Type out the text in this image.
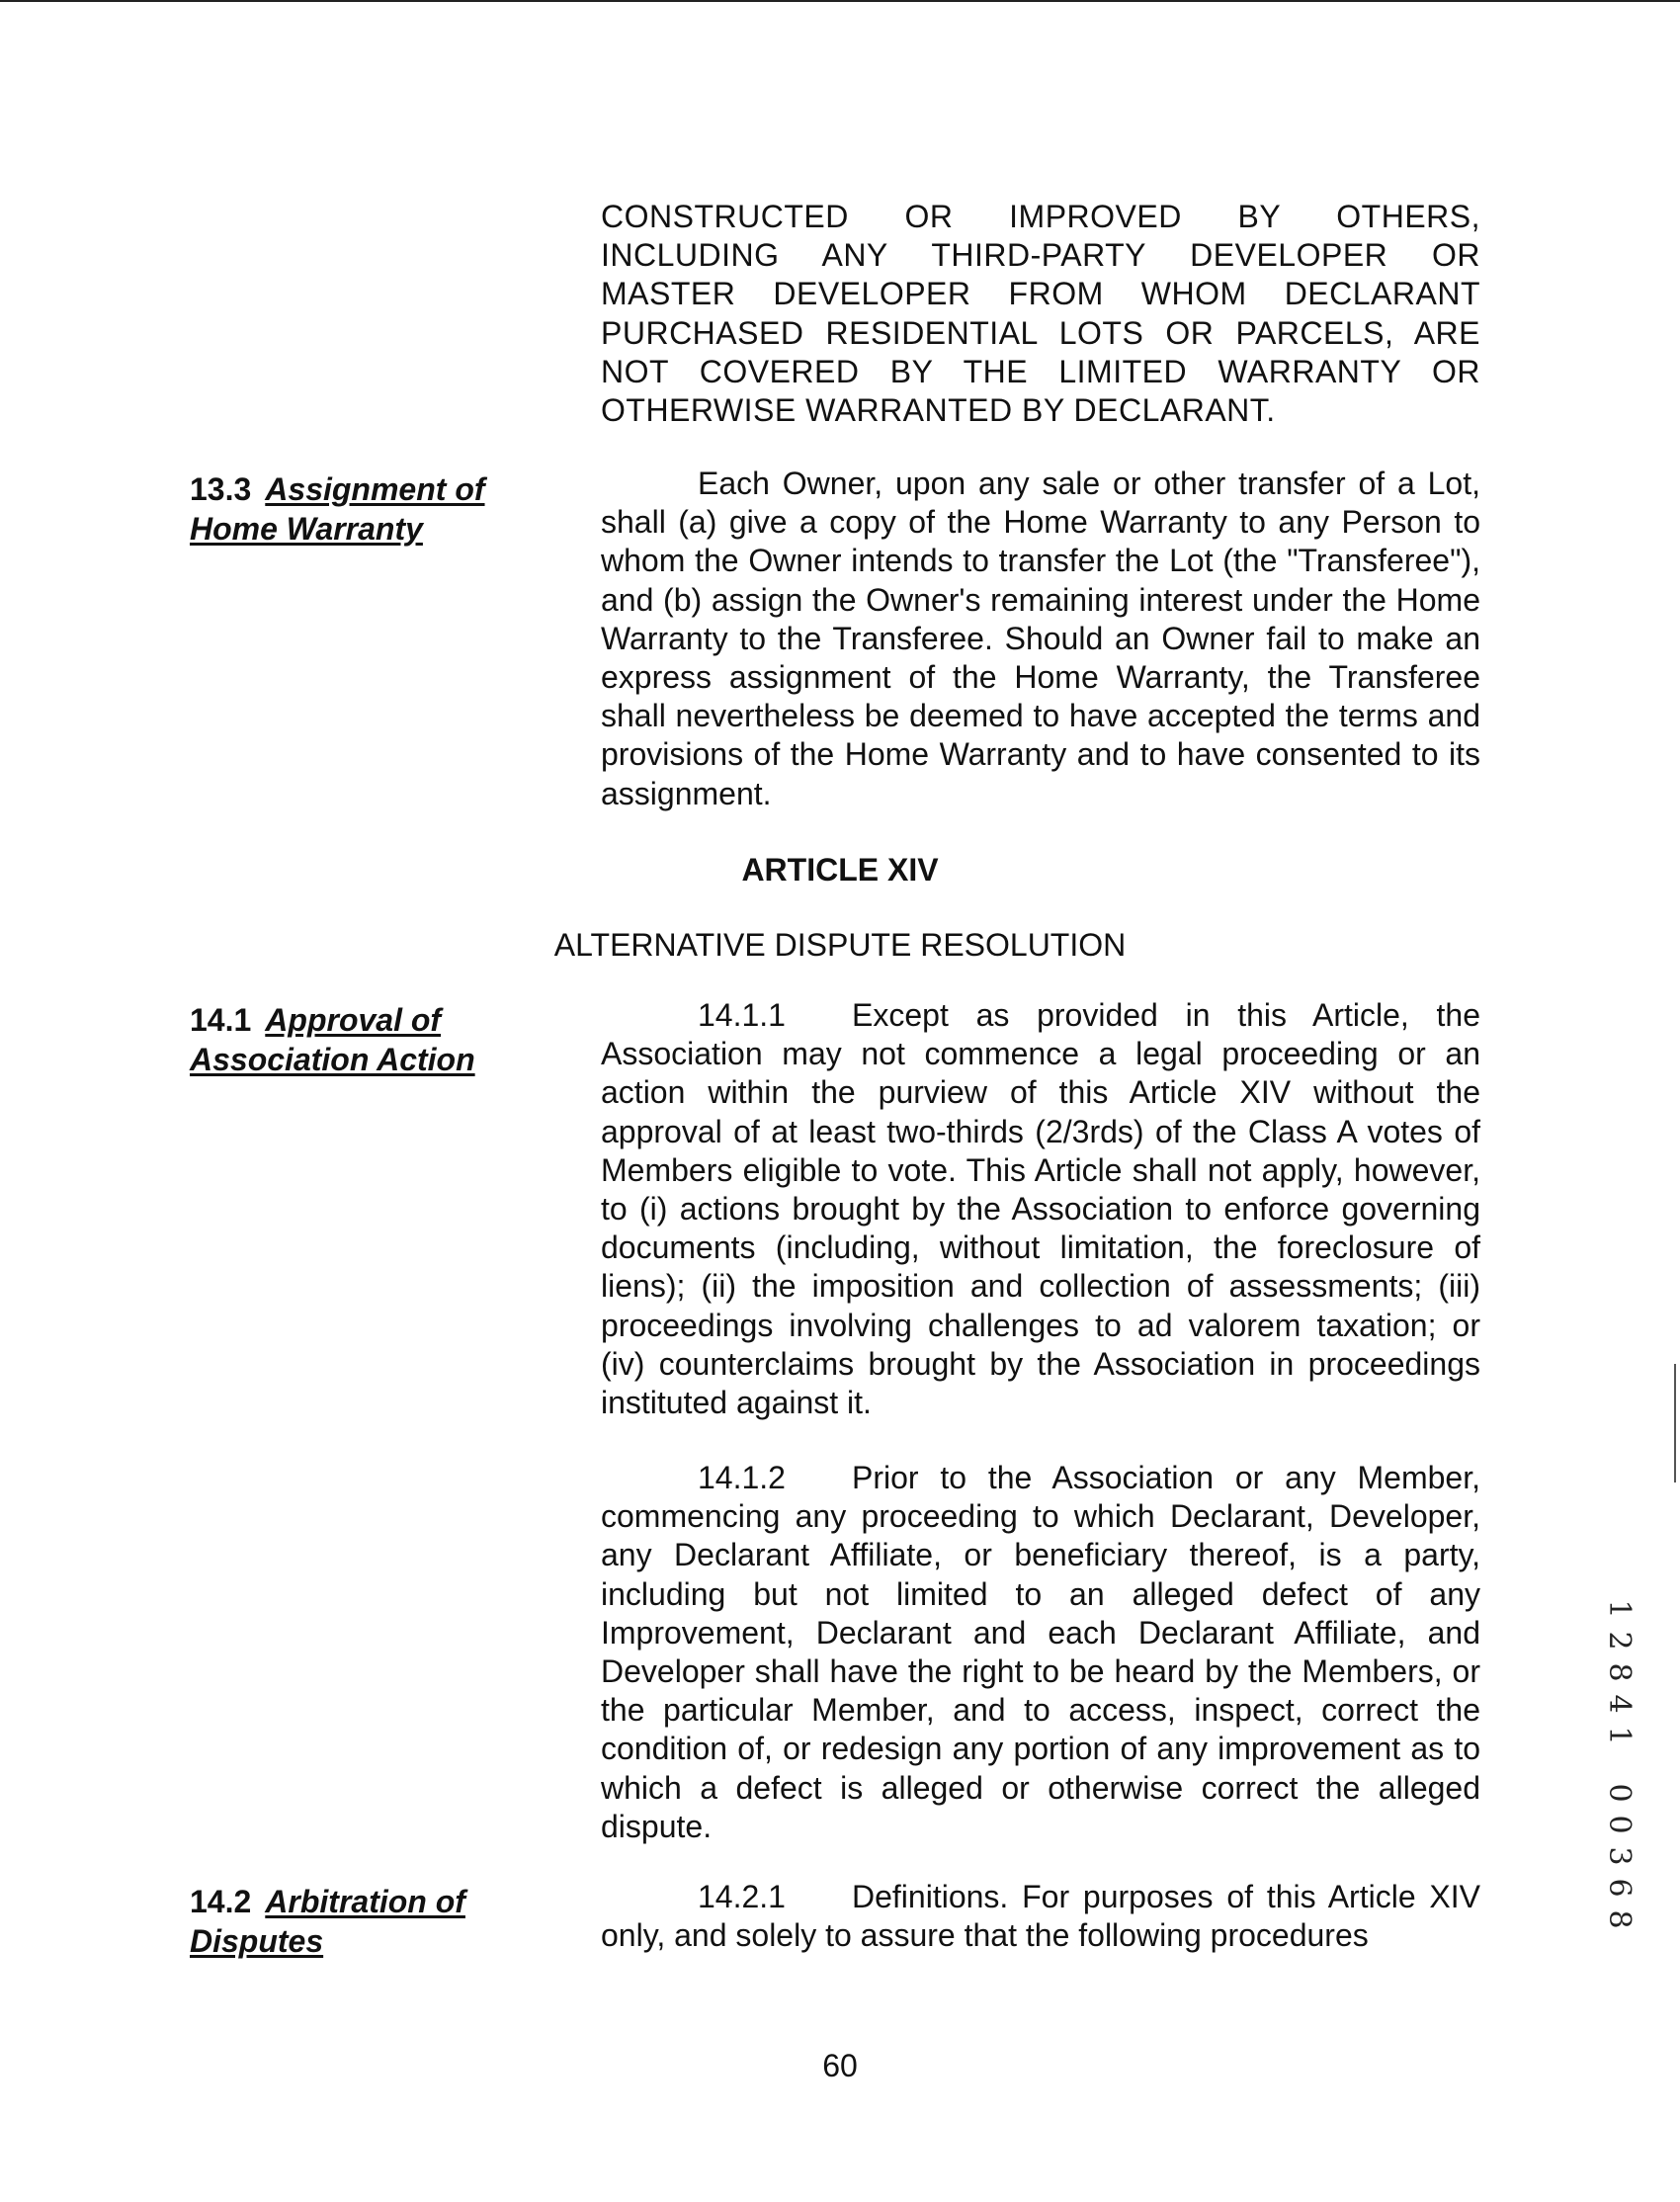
CONSTRUCTED OR IMPROVED BY OTHERS, INCLUDING ANY THIRD-PARTY DEVELOPER OR MASTER DEVELOPER FROM WHOM DECLARANT PURCHASED RESIDENTIAL LOTS OR PARCELS, ARE NOT COVERED BY THE LIMITED WARRANTY OR OTHERWISE WARRANTED BY DECLARANT.
13.3 Assignment of
Home Warranty
Each Owner, upon any sale or other transfer of a Lot, shall (a) give a copy of the Home Warranty to any Person to whom the Owner intends to transfer the Lot (the "Transferee"), and (b) assign the Owner's remaining interest under the Home Warranty to the Transferee. Should an Owner fail to make an express assignment of the Home Warranty, the Transferee shall nevertheless be deemed to have accepted the terms and provisions of the Home Warranty and to have consented to its assignment.
ARTICLE XIV
ALTERNATIVE DISPUTE RESOLUTION
14.1 Approval of
Association Action
14.1.1 Except as provided in this Article, the Association may not commence a legal proceeding or an action within the purview of this Article XIV without the approval of at least two-thirds (2/3rds) of the Class A votes of Members eligible to vote. This Article shall not apply, however, to (i) actions brought by the Association to enforce governing documents (including, without limitation, the foreclosure of liens); (ii) the imposition and collection of assessments; (iii) proceedings involving challenges to ad valorem taxation; or (iv) counterclaims brought by the Association in proceedings instituted against it.
14.1.2 Prior to the Association or any Member, commencing any proceeding to which Declarant, Developer, any Declarant Affiliate, or beneficiary thereof, is a party, including but not limited to an alleged defect of any Improvement, Declarant and each Declarant Affiliate, and Developer shall have the right to be heard by the Members, or the particular Member, and to access, inspect, correct the condition of, or redesign any portion of any improvement as to which a defect is alleged or otherwise correct the alleged dispute.
14.2 Arbitration of
Disputes
14.2.1 Definitions. For purposes of this Article XIV only, and solely to assure that the following procedures
1
2
8
4
1
0
0
3
6
8
60
